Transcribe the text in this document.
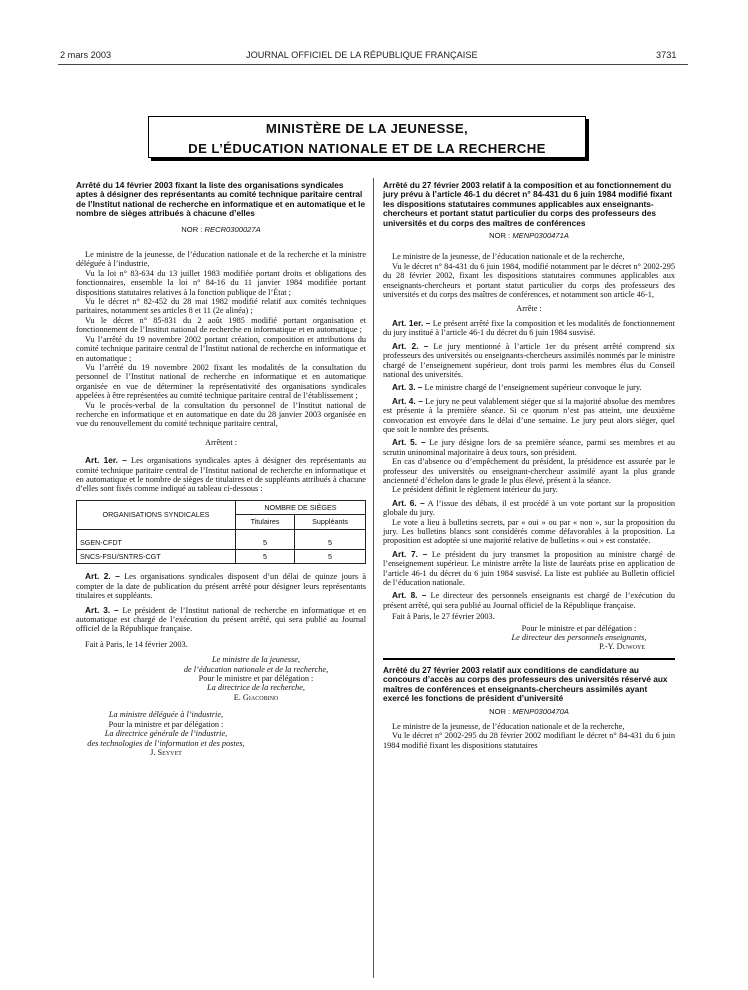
2 mars 2003	JOURNAL OFFICIEL DE LA RÉPUBLIQUE FRANÇAISE	3731
MINISTÈRE DE LA JEUNESSE,
DE L’ÉDUCATION NATIONALE ET DE LA RECHERCHE
Arrêté du 14 février 2003 fixant la liste des organisations syndicales aptes à désigner des représentants au comité technique paritaire central de l’Institut national de recherche en informatique et en automatique et le nombre de sièges attribués à chacune d’elles
NOR : RECR0300027A

Le ministre de la jeunesse, de l’éducation nationale et de la recherche et la ministre déléguée à l’industrie,

Vu la loi n° 83-634 du 13 juillet 1983 modifiée portant droits et obligations des fonctionnaires, ensemble la loi n° 84-16 du 11 janvier 1984 modifiée portant dispositions statutaires relatives à la fonction publique de l’État ;

Vu le décret n° 82-452 du 28 mai 1982 modifié relatif aux comités techniques paritaires, notamment ses articles 8 et 11 (2e alinéa) ;

Vu le décret n° 85-831 du 2 août 1985 modifié portant organisation et fonctionnement de l’Institut national de recherche en informatique et en automatique ;

Vu l’arrêté du 19 novembre 2002 portant création, composition et attributions du comité technique paritaire central de l’Institut national de recherche en informatique et en automatique ;

Vu l’arrêté du 19 novembre 2002 fixant les modalités de la consultation du personnel de l’Institut national de recherche en informatique et en automatique organisée en vue de déterminer la représentativité des organisations syndicales appelées à être représentées au comité technique paritaire central de l’établissement ;

Vu le procès-verbal de la consultation du personnel de l’Institut national de recherche en informatique et en automatique en date du 28 janvier 2003 organisée en vue du renouvellement du comité technique paritaire central,

Arrêtent :

Art. 1er. – Les organisations syndicales aptes à désigner des représentants au comité technique paritaire central de l’Institut national de recherche en informatique et en automatique et le nombre de sièges de titulaires et de suppléants attribués à chacune d’elles sont fixés comme indiqué au tableau ci-dessous :

ORGANISATIONS SYNDICALES	NOMBRE DE SIÈGES	
	Titulaires	Suppléants
SGEN-CFDT	5	5
SNCS-FSU/SNTRS-CGT	5	5

Art. 2. – Les organisations syndicales disposent d’un délai de quinze jours à compter de la date de publication du présent arrêté pour désigner leurs représentants titulaires et suppléants.

Art. 3. – Le président de l’Institut national de recherche en informatique et en automatique est chargé de l’exécution du présent arrêté, qui sera publié au Journal officiel de la République française.

Fait à Paris, le 14 février 2003.

Le ministre de la jeunesse,
de l’éducation nationale et de la recherche,
Pour le ministre et par délégation :
La directrice de la recherche,
E. Giacobino
La ministre déléguée à l’industrie,
Pour la ministre et par délégation :
La directrice générale de l’industrie,
des technologies de l’information et des postes,
J. Seyvet
Arrêté du 27 février 2003 relatif à la composition et au fonctionnement du jury prévu à l’article 46-1 du décret n° 84-431 du 6 juin 1984 modifié fixant les dispositions statutaires communes applicables aux enseignants-chercheurs et portant statut particulier du corps des professeurs des universités et du corps des maîtres de conférences
NOR : MENP0300471A

Le ministre de la jeunesse, de l’éducation nationale et de la recherche,

Vu le décret n° 84-431 du 6 juin 1984, modifié notamment par le décret n° 2002-295 du 28 février 2002, fixant les dispositions statutaires communes applicables aux enseignants-chercheurs et portant statut particulier du corps des professeurs des universités et du corps des maîtres de conférences, et notamment son article 46-1,

Arrête :

Art. 1er. – Le présent arrêté fixe la composition et les modalités de fonctionnement du jury institué à l’article 46-1 du décret du 6 juin 1984 susvisé.

Art. 2. – Le jury mentionné à l’article 1er du présent arrêté comprend six professeurs des universités ou enseignants-chercheurs assimilés nommés par le ministre chargé de l’enseignement supérieur, dont trois parmi les membres élus du Conseil national des universités.

Art. 3. – Le ministre chargé de l’enseignement supérieur convoque le jury.

Art. 4. – Le jury ne peut valablement siéger que si la majorité absolue des membres est présente à la première séance. Si ce quorum n’est pas atteint, une deuxième convocation est envoyée dans le délai d’une semaine. Le jury peut alors siéger, quel que soit le nombre des présents.

Art. 5. – Le jury désigne lors de sa première séance, parmi ses membres et au scrutin uninominal majoritaire à deux tours, son président.

En cas d’absence ou d’empêchement du président, la présidence est assurée par le professeur des universités ou enseignant-chercheur assimilé ayant la plus grande ancienneté d’échelon dans le grade le plus élevé, présent à la séance.

Le président définit le règlement intérieur du jury.

Art. 6. – A l’issue des débats, il est procédé à un vote portant sur la proposition globale du jury.

Le vote a lieu à bulletins secrets, par « oui » ou par « non », sur la proposition du jury. Les bulletins blancs sont considérés comme défavorables à la proposition. La proposition est adoptée si une majorité relative de bulletins « oui » est constatée.

Art. 7. – Le président du jury transmet la proposition au ministre chargé de l’enseignement supérieur. Le ministre arrête la liste de lauréats prise en application de l’article 46-1 du décret du 6 juin 1984 susvisé. La liste est publiée au Bulletin officiel de l’éducation nationale.

Art. 8. – Le directeur des personnels enseignants est chargé de l’exécution du présent arrêté, qui sera publié au Journal officiel de la République française.

Fait à Paris, le 27 février 2003.

Pour le ministre et par délégation :
Le directeur des personnels enseignants,
P.-Y. Duwoye
Arrêté du 27 février 2003 relatif aux conditions de candidature au concours d’accès au corps des professeurs des universités réservé aux maîtres de conférences et enseignants-chercheurs assimilés ayant exercé les fonctions de président d’université
NOR : MENP0300470A

Le ministre de la jeunesse, de l’éducation nationale et de la recherche,

Vu le décret n° 2002-295 du 28 février 2002 modifiant le décret n° 84-431 du 6 juin 1984 modifié fixant les dispositions statutaires
